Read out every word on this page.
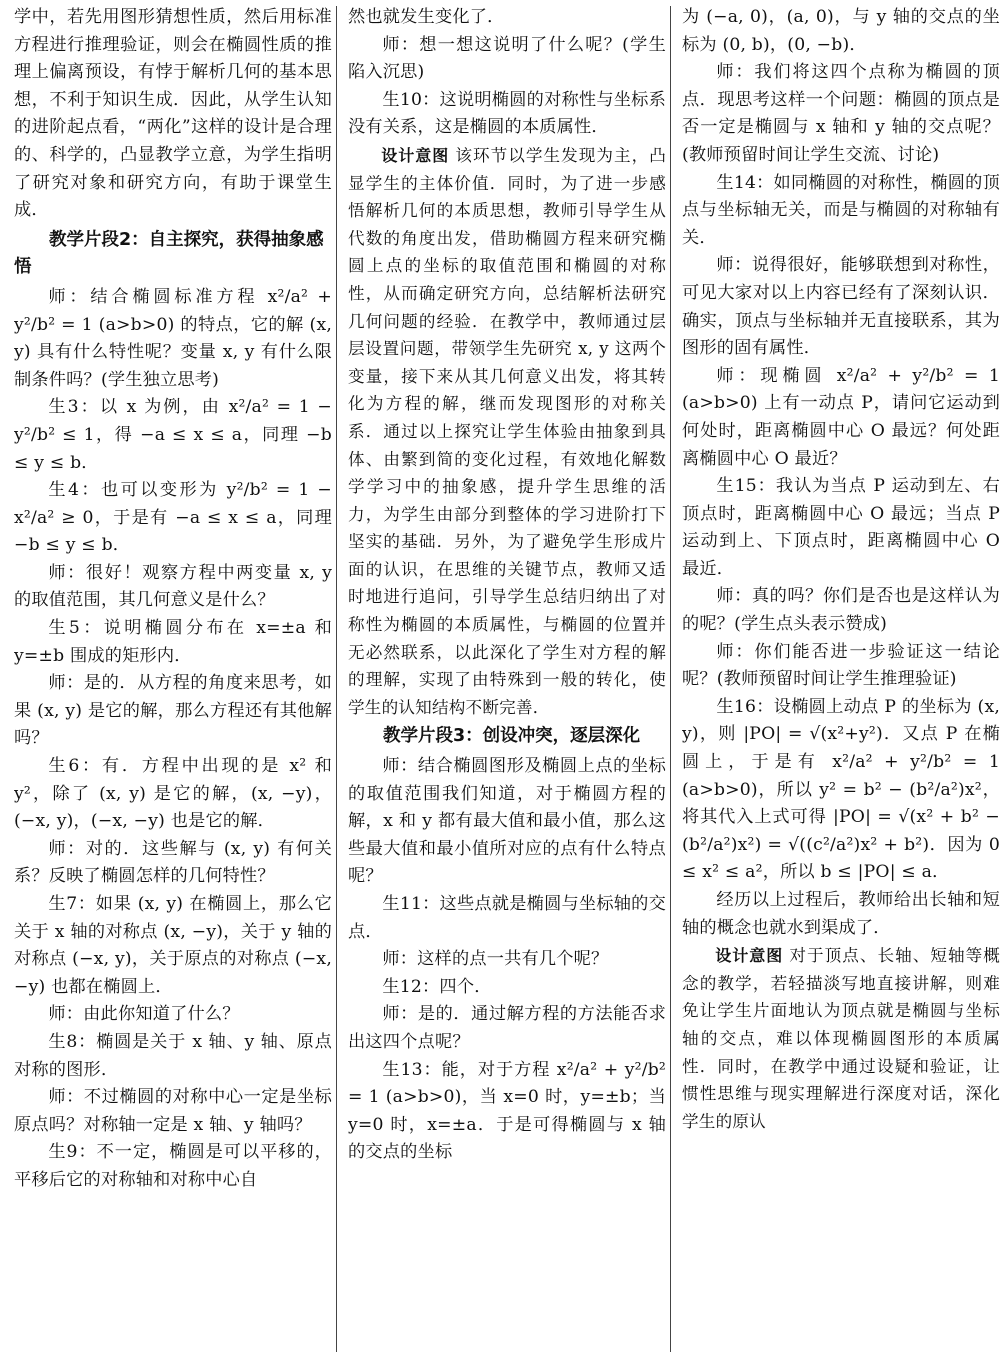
学中，若先用图形猜想性质，然后用标准方程进行推理验证，则会在椭圆性质的推理上偏离预设，有悖于解析几何的基本思想，不利于知识生成．因此，从学生认知的进阶起点看，“两化”这样的设计是合理的、科学的，凸显教学立意，为学生指明了研究对象和研究方向，有助于课堂生成．

教学片段2：自主探究，获得抽象感悟

师：结合椭圆标准方程 x²/a² + y²/b² = 1 (a>b>0) 的特点，它的解 (x, y) 具有什么特性呢？变量 x, y 有什么限制条件吗？(学生独立思考)

生3：以 x 为例，由 x²/a² = 1 − y²/b² ≤ 1，得 −a ≤ x ≤ a，同理 −b ≤ y ≤ b．

生4：也可以变形为 y²/b² = 1 − x²/a² ≥ 0，于是有 −a ≤ x ≤ a，同理 −b ≤ y ≤ b．

师：很好！观察方程中两变量 x, y 的取值范围，其几何意义是什么？

生5：说明椭圆分布在 x=±a 和 y=±b 围成的矩形内．

师：是的．从方程的角度来思考，如果 (x, y) 是它的解，那么方程还有其他解吗？

生6：有．方程中出现的是 x² 和 y²，除了 (x, y) 是它的解，(x, −y)，(−x, y)，(−x, −y) 也是它的解．

师：对的．这些解与 (x, y) 有何关系？反映了椭圆怎样的几何特性？

生7：如果 (x, y) 在椭圆上，那么它关于 x 轴的对称点 (x, −y)，关于 y 轴的对称点 (−x, y)，关于原点的对称点 (−x, −y) 也都在椭圆上．

师：由此你知道了什么？

生8：椭圆是关于 x 轴、y 轴、原点对称的图形．

师：不过椭圆的对称中心一定是坐标原点吗？对称轴一定是 x 轴、y 轴吗？

生9：不一定，椭圆是可以平移的，平移后它的对称轴和对称中心自

然也就发生变化了．

师：想一想这说明了什么呢？(学生陷入沉思)

生10：这说明椭圆的对称性与坐标系没有关系，这是椭圆的本质属性．

设计意图 该环节以学生发现为主，凸显学生的主体价值．同时，为了进一步感悟解析几何的本质思想，教师引导学生从代数的角度出发，借助椭圆方程来研究椭圆上点的坐标的取值范围和椭圆的对称性，从而确定研究方向，总结解析法研究几何问题的经验．在教学中，教师通过层层设置问题，带领学生先研究 x, y 这两个变量，接下来从其几何意义出发，将其转化为方程的解，继而发现图形的对称关系．通过以上探究让学生体验由抽象到具体、由繁到简的变化过程，有效地化解数学学习中的抽象感，提升学生思维的活力，为学生由部分到整体的学习进阶打下坚实的基础．另外，为了避免学生形成片面的认识，在思维的关键节点，教师又适时地进行追问，引导学生总结归纳出了对称性为椭圆的本质属性，与椭圆的位置并无必然联系，以此深化了学生对方程的解的理解，实现了由特殊到一般的转化，使学生的认知结构不断完善．

教学片段3：创设冲突，逐层深化

师：结合椭圆图形及椭圆上点的坐标的取值范围我们知道，对于椭圆方程的解，x 和 y 都有最大值和最小值，那么这些最大值和最小值所对应的点有什么特点呢？

生11：这些点就是椭圆与坐标轴的交点．

师：这样的点一共有几个呢？

生12：四个．

师：是的．通过解方程的方法能否求出这四个点呢？

生13：能，对于方程 x²/a² + y²/b² = 1 (a>b>0)，当 x=0 时，y=±b；当 y=0 时，x=±a．于是可得椭圆与 x 轴的交点的坐标

为 (−a, 0)，(a, 0)，与 y 轴的交点的坐标为 (0, b)，(0, −b)．

师：我们将这四个点称为椭圆的顶点．现思考这样一个问题：椭圆的顶点是否一定是椭圆与 x 轴和 y 轴的交点呢？(教师预留时间让学生交流、讨论)

生14：如同椭圆的对称性，椭圆的顶点与坐标轴无关，而是与椭圆的对称轴有关．

师：说得很好，能够联想到对称性，可见大家对以上内容已经有了深刻认识．确实，顶点与坐标轴并无直接联系，其为图形的固有属性．

师：现椭圆 x²/a² + y²/b² = 1 (a>b>0) 上有一动点 P，请问它运动到何处时，距离椭圆中心 O 最远？何处距离椭圆中心 O 最近？

生15：我认为当点 P 运动到左、右顶点时，距离椭圆中心 O 最远；当点 P 运动到上、下顶点时，距离椭圆中心 O 最近．

师：真的吗？你们是否也是这样认为的呢？(学生点头表示赞成)

师：你们能否进一步验证这一结论呢？(教师预留时间让学生推理验证)

生16：设椭圆上动点 P 的坐标为 (x, y)，则 |PO| = √(x²+y²)．又点 P 在椭圆上，于是有 x²/a² + y²/b² = 1 (a>b>0)，所以 y² = b² − (b²/a²)x²，将其代入上式可得 |PO| = √(x² + b² − (b²/a²)x²) = √((c²/a²)x² + b²)．因为 0 ≤ x² ≤ a²，所以 b ≤ |PO| ≤ a．

经历以上过程后，教师给出长轴和短轴的概念也就水到渠成了．

设计意图 对于顶点、长轴、短轴等概念的教学，若轻描淡写地直接讲解，则难免让学生片面地认为顶点就是椭圆与坐标轴的交点，难以体现椭圆图形的本质属性．同时，在教学中通过设疑和验证，让惯性思维与现实理解进行深度对话，深化学生的原认
